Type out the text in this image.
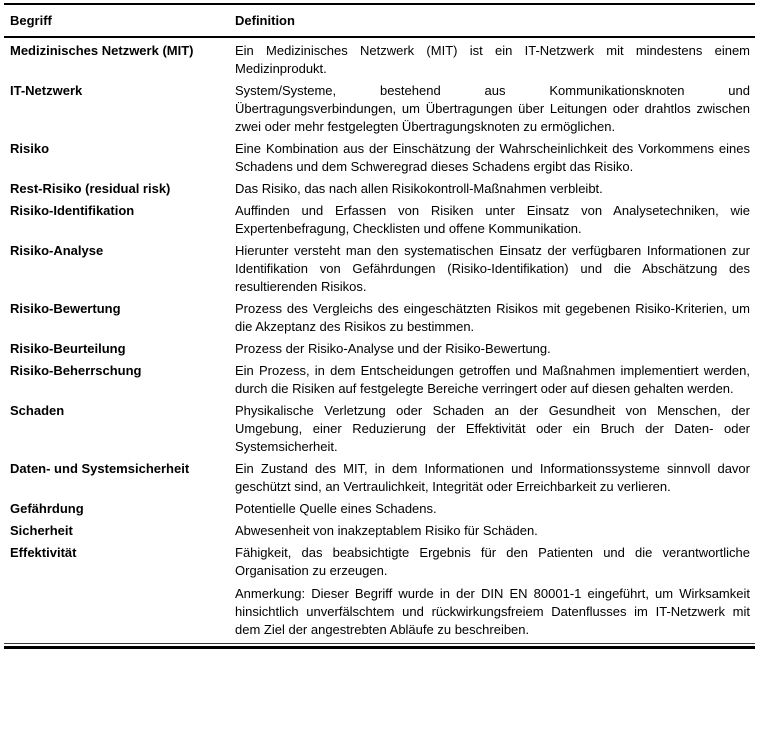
Begriff	Definition
Medizinisches Netzwerk (MIT)	Ein Medizinisches Netzwerk (MIT) ist ein IT-Netzwerk mit mindestens einem Medizinprodukt.

IT-Netzwerk	System/Systeme, bestehend aus Kommunikationsknoten und Übertragungsverbindungen, um Übertragungen über Leitungen oder drahtlos zwischen zwei oder mehr festgelegten Übertragungsknoten zu ermöglichen.

Risiko	Eine Kombination aus der Einschätzung der Wahrscheinlichkeit des Vorkommens eines Schadens und dem Schweregrad dieses Schadens ergibt das Risiko.

Rest-Risiko (residual risk)	Das Risiko, das nach allen Risikokontroll-Maßnahmen verbleibt.

Risiko-Identifikation	Auffinden und Erfassen von Risiken unter Einsatz von Analysetechniken, wie Expertenbefragung, Checklisten und offene Kommunikation.

Risiko-Analyse	Hierunter versteht man den systematischen Einsatz der verfügbaren Informationen zur Identifikation von Gefährdungen (Risiko-Identifikation) und die Abschätzung des resultierenden Risikos.

Risiko-Bewertung	Prozess des Vergleichs des eingeschätzten Risikos mit gegebenen Risiko-Kriterien, um die Akzeptanz des Risikos zu bestimmen.

Risiko-Beurteilung	Prozess der Risiko-Analyse und der Risiko-Bewertung.

Risiko-Beherrschung	Ein Prozess, in dem Entscheidungen getroffen und Maßnahmen implementiert werden, durch die Risiken auf festgelegte Bereiche verringert oder auf diesen gehalten werden.

Schaden	Physikalische Verletzung oder Schaden an der Gesundheit von Menschen, der Umgebung, einer Reduzierung der Effektivität oder ein Bruch der Daten- oder Systemsicherheit.

Daten- und Systemsicherheit	Ein Zustand des MIT, in dem Informationen und Informationssysteme sinnvoll davor geschützt sind, an Vertraulichkeit, Integrität oder Erreichbarkeit zu verlieren.

Gefährdung	Potentielle Quelle eines Schadens.

Sicherheit	Abwesenheit von inakzeptablem Risiko für Schäden.

Effektivität	Fähigkeit, das beabsichtigte Ergebnis für den Patienten und die verantwortliche Organisation zu erzeugen.

Anmerkung: Dieser Begriff wurde in der DIN EN 80001-1 eingeführt, um Wirksamkeit hinsichtlich unverfälschtem und rückwirkungsfreiem Datenflusses im IT-Netzwerk mit dem Ziel der angestrebten Abläufe zu beschreiben.
